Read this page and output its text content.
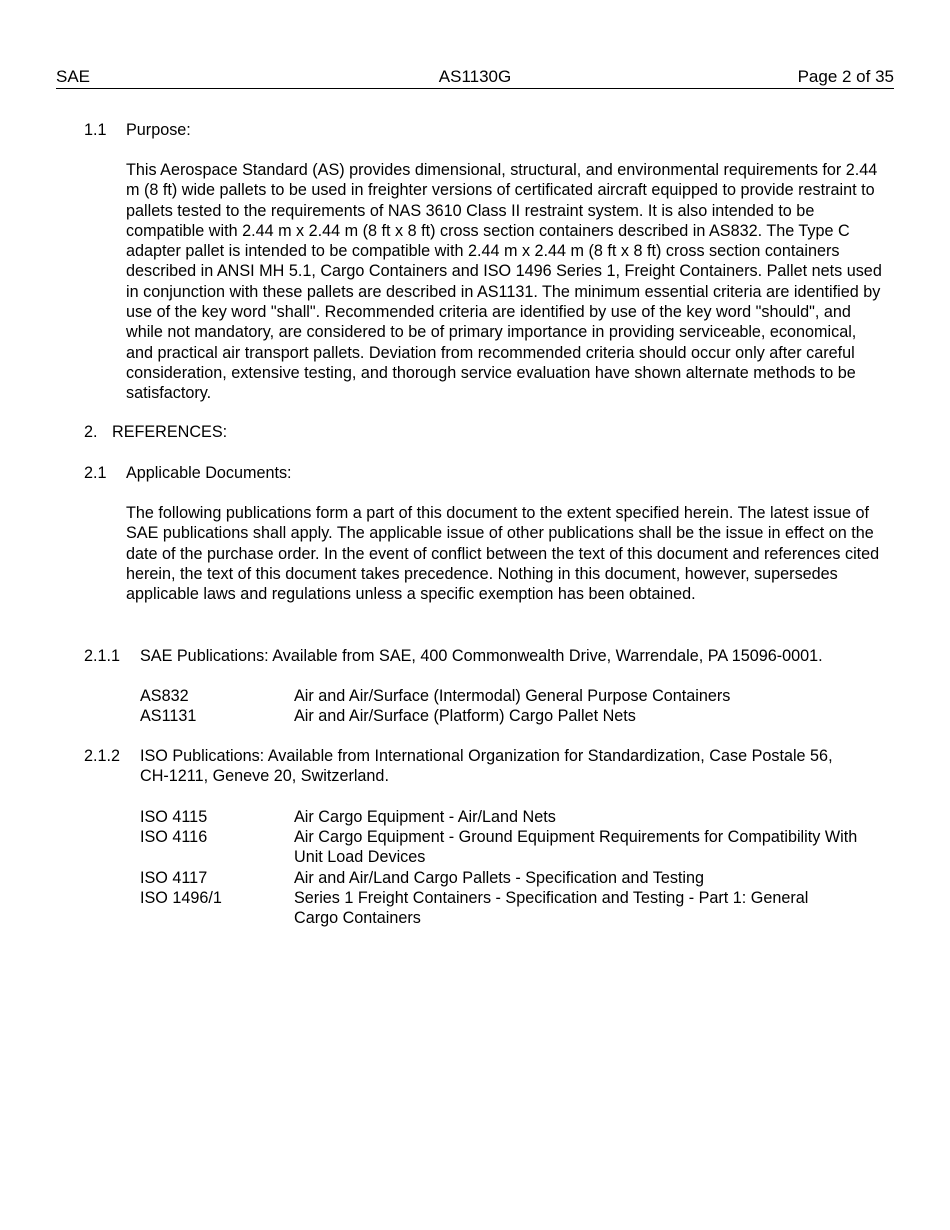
SAE	AS1130G	Page 2 of 35
1.1 Purpose:
This Aerospace Standard (AS) provides dimensional, structural, and environmental requirements for 2.44 m (8 ft) wide pallets to be used in freighter versions of certificated aircraft equipped to provide restraint to pallets tested to the requirements of NAS 3610 Class II restraint system. It is also intended to be compatible with 2.44 m x 2.44 m (8 ft x 8 ft) cross section containers described in AS832. The Type C adapter pallet is intended to be compatible with 2.44 m x 2.44 m (8 ft x 8 ft) cross section containers described in ANSI MH 5.1, Cargo Containers and ISO 1496 Series 1, Freight Containers. Pallet nets used in conjunction with these pallets are described in AS1131. The minimum essential criteria are identified by use of the key word "shall". Recommended criteria are identified by use of the key word "should", and while not mandatory, are considered to be of primary importance in providing serviceable, economical, and practical air transport pallets. Deviation from recommended criteria should occur only after careful consideration, extensive testing, and thorough service evaluation have shown alternate methods to be satisfactory.
2. REFERENCES:
2.1 Applicable Documents:
The following publications form a part of this document to the extent specified herein. The latest issue of SAE publications shall apply. The applicable issue of other publications shall be the issue in effect on the date of the purchase order. In the event of conflict between the text of this document and references cited herein, the text of this document takes precedence. Nothing in this document, however, supersedes applicable laws and regulations unless a specific exemption has been obtained.
2.1.1 SAE Publications: Available from SAE, 400 Commonwealth Drive, Warrendale, PA 15096-0001.
AS832	Air and Air/Surface (Intermodal) General Purpose Containers
AS1131	Air and Air/Surface (Platform) Cargo Pallet Nets
2.1.2 ISO Publications: Available from International Organization for Standardization, Case Postale 56,
CH-1211, Geneve 20, Switzerland.
ISO 4115	Air Cargo Equipment - Air/Land Nets
ISO 4116	Air Cargo Equipment - Ground Equipment Requirements for Compatibility With Unit Load Devices
ISO 4117	Air and Air/Land Cargo Pallets - Specification and Testing
ISO 1496/1	Series 1 Freight Containers - Specification and Testing - Part 1: General Cargo Containers
